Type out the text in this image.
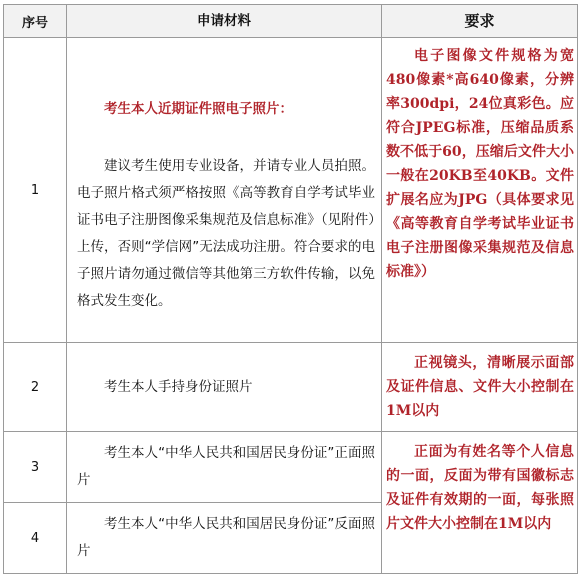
序号	申请材料	要求
1	考生本人近期证件照电子照片：
建议考生使用专业设备，并请专业人员拍照。电子照片格式须严格按照《高等教育自学考试毕业证书电子注册图像采集规范及信息标准》（见附件）上传，否则“学信网”无法成功注册。符合要求的电子照片请勿通过微信等其他第三方软件传输，以免格式发生变化。	电子图像文件规格为宽480像素*高640像素，分辨率300dpi，24位真彩色。应符合JPEG标准，压缩品质系数不低于60，压缩后文件大小一般在20KB至40KB。文件扩展名应为JPG（具体要求见《高等教育自学考试毕业证书电子注册图像采集规范及信息标准》）

2	考生本人手持身份证照片	正视镜头，清晰展示面部及证件信息、文件大小控制在1M以内

3	考生本人“中华人民共和国居民身份证”正面照片	正面为有姓名等个人信息的一面，反面为带有国徽标志及证件有效期的一面，每张照片文件大小控制在1M以内

4	考生本人“中华人民共和国居民身份证”反面照片	
